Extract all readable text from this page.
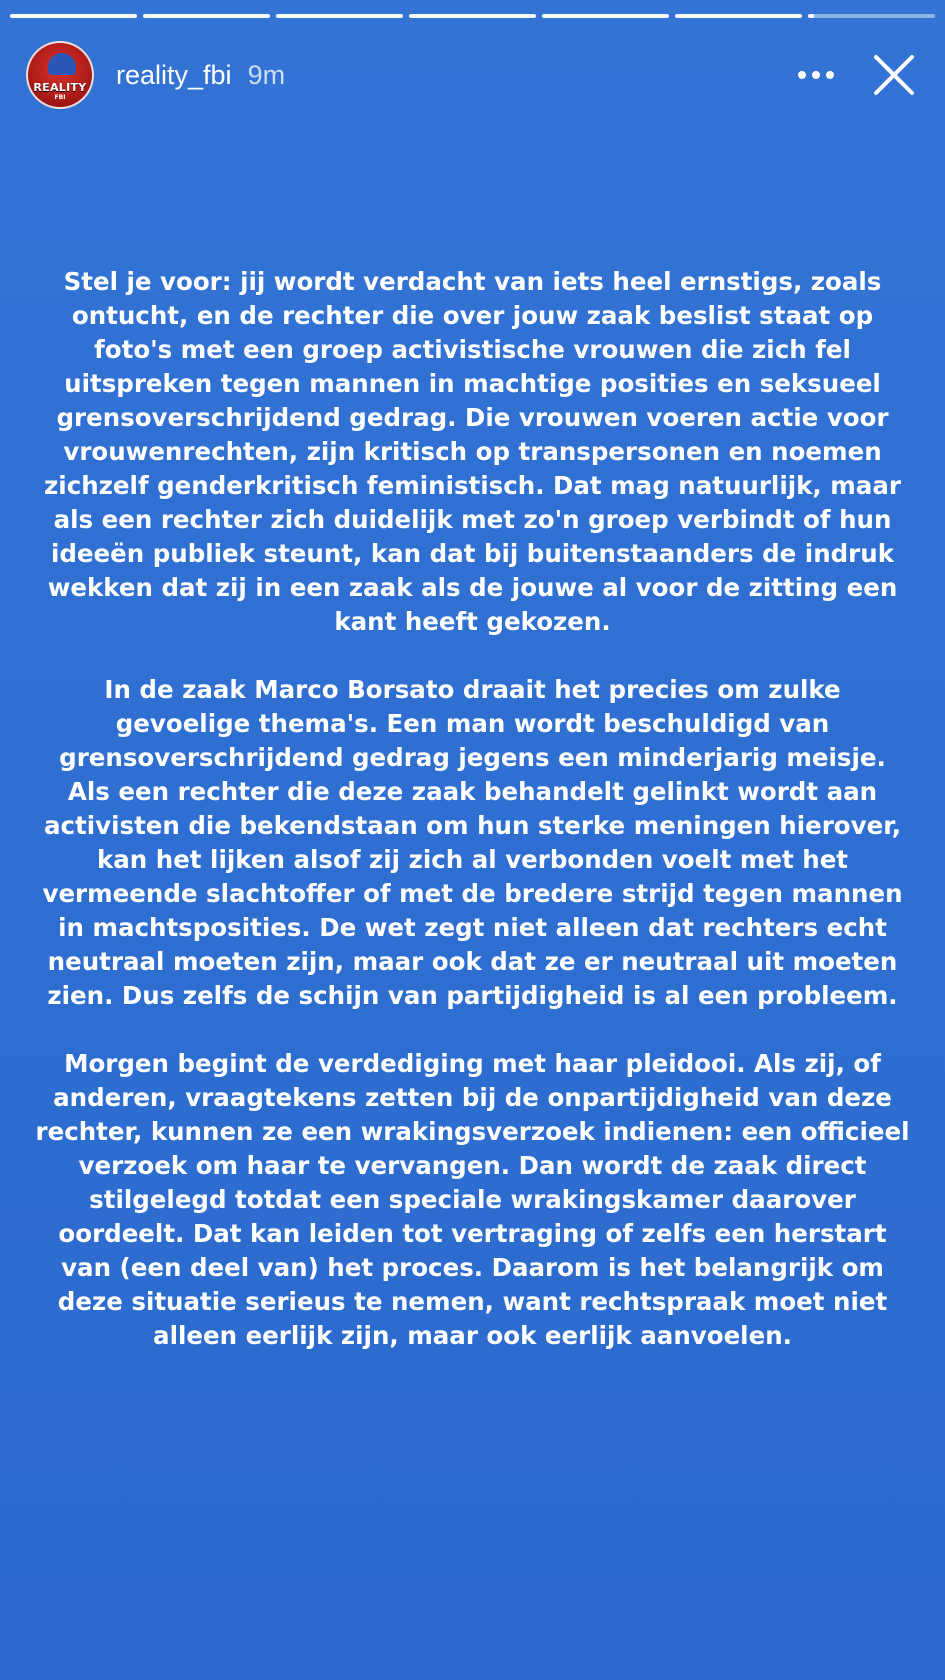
REALITY
FBI
reality_fbi 9m

Stel je voor: jij wordt verdacht van iets heel ernstigs, zoals ontucht, en de rechter die over jouw zaak beslist staat op foto's met een groep activistische vrouwen die zich fel uitspreken tegen mannen in machtige posities en seksueel grensoverschrijdend gedrag. Die vrouwen voeren actie voor vrouwenrechten, zijn kritisch op transpersonen en noemen zichzelf genderkritisch feministisch. Dat mag natuurlijk, maar als een rechter zich duidelijk met zo'n groep verbindt of hun ideeën publiek steunt, kan dat bij buitenstaanders de indruk wekken dat zij in een zaak als de jouwe al voor de zitting een kant heeft gekozen.

In de zaak Marco Borsato draait het precies om zulke gevoelige thema's. Een man wordt beschuldigd van grensoverschrijdend gedrag jegens een minderjarig meisje. Als een rechter die deze zaak behandelt gelinkt wordt aan activisten die bekendstaan om hun sterke meningen hierover, kan het lijken alsof zij zich al verbonden voelt met het vermeende slachtoffer of met de bredere strijd tegen mannen in machtsposities. De wet zegt niet alleen dat rechters echt neutraal moeten zijn, maar ook dat ze er neutraal uit moeten zien. Dus zelfs de schijn van partijdigheid is al een probleem.

Morgen begint de verdediging met haar pleidooi. Als zij, of anderen, vraagtekens zetten bij de onpartijdigheid van deze rechter, kunnen ze een wrakingsverzoek indienen: een officieel verzoek om haar te vervangen. Dan wordt de zaak direct stilgelegd totdat een speciale wrakingskamer daarover oordeelt. Dat kan leiden tot vertraging of zelfs een herstart van (een deel van) het proces. Daarom is het belangrijk om deze situatie serieus te nemen, want rechtspraak moet niet alleen eerlijk zijn, maar ook eerlijk aanvoelen.
